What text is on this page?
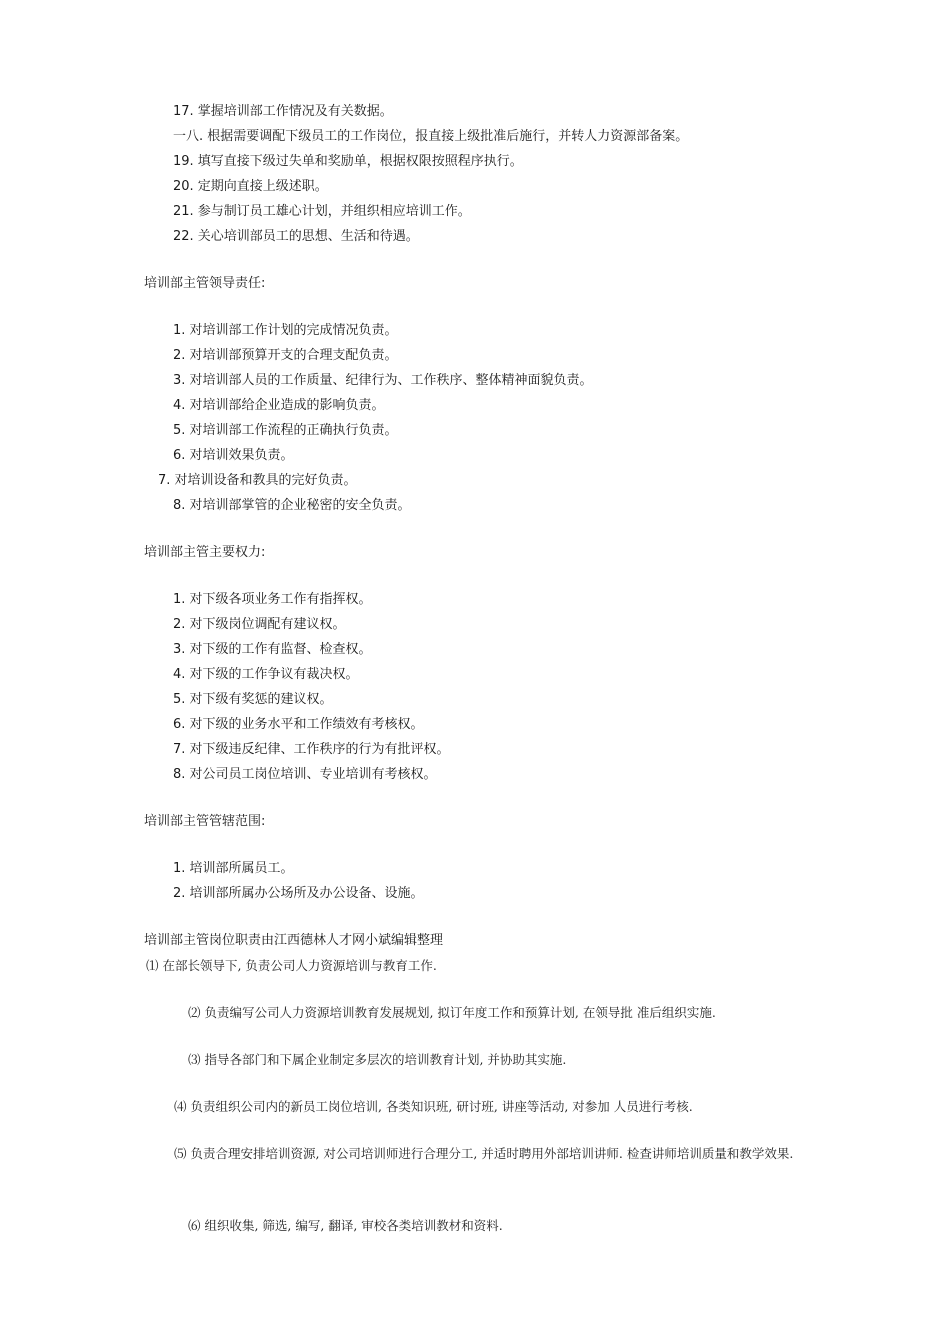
17. 掌握培训部工作情况及有关数据。
一八. 根据需要调配下级员工的工作岗位，报直接上级批准后施行，并转人力资源部备案。
19. 填写直接下级过失单和奖励单，根据权限按照程序执行。
20. 定期向直接上级述职。
21. 参与制订员工雄心计划，并组织相应培训工作。
22. 关心培训部员工的思想、生活和待遇。
培训部主管领导责任:
1. 对培训部工作计划的完成情况负责。
2. 对培训部预算开支的合理支配负责。
3. 对培训部人员的工作质量、纪律行为、工作秩序、整体精神面貌负责。
4. 对培训部给企业造成的影响负责。
5. 对培训部工作流程的正确执行负责。
6. 对培训效果负责。
7. 对培训设备和教具的完好负责。
8. 对培训部掌管的企业秘密的安全负责。
培训部主管主要权力:
1. 对下级各项业务工作有指挥权。
2. 对下级岗位调配有建议权。
3. 对下级的工作有监督、检查权。
4. 对下级的工作争议有裁决权。
5. 对下级有奖惩的建议权。
6. 对下级的业务水平和工作绩效有考核权。
7. 对下级违反纪律、工作秩序的行为有批评权。
8. 对公司员工岗位培训、专业培训有考核权。
培训部主管管辖范围:
1. 培训部所属员工。
2. 培训部所属办公场所及办公设备、设施。
培训部主管岗位职责由江西德林人才网小斌编辑整理
⑴ 在部长领导下, 负责公司人力资源培训与教育工作.
⑵ 负责编写公司人力资源培训教育发展规划, 拟订年度工作和预算计划, 在领导批 准后组织实施.
⑶ 指导各部门和下属企业制定多层次的培训教育计划, 并协助其实施.
⑷ 负责组织公司内的新员工岗位培训, 各类知识班, 研讨班, 讲座等活动, 对参加 人员进行考核.
⑸ 负责合理安排培训资源, 对公司培训师进行合理分工, 并适时聘用外部培训讲师. 检查讲师培训质量和教学效果.
⑹ 组织收集, 筛选, 编写, 翻译, 审校各类培训教材和资料.
